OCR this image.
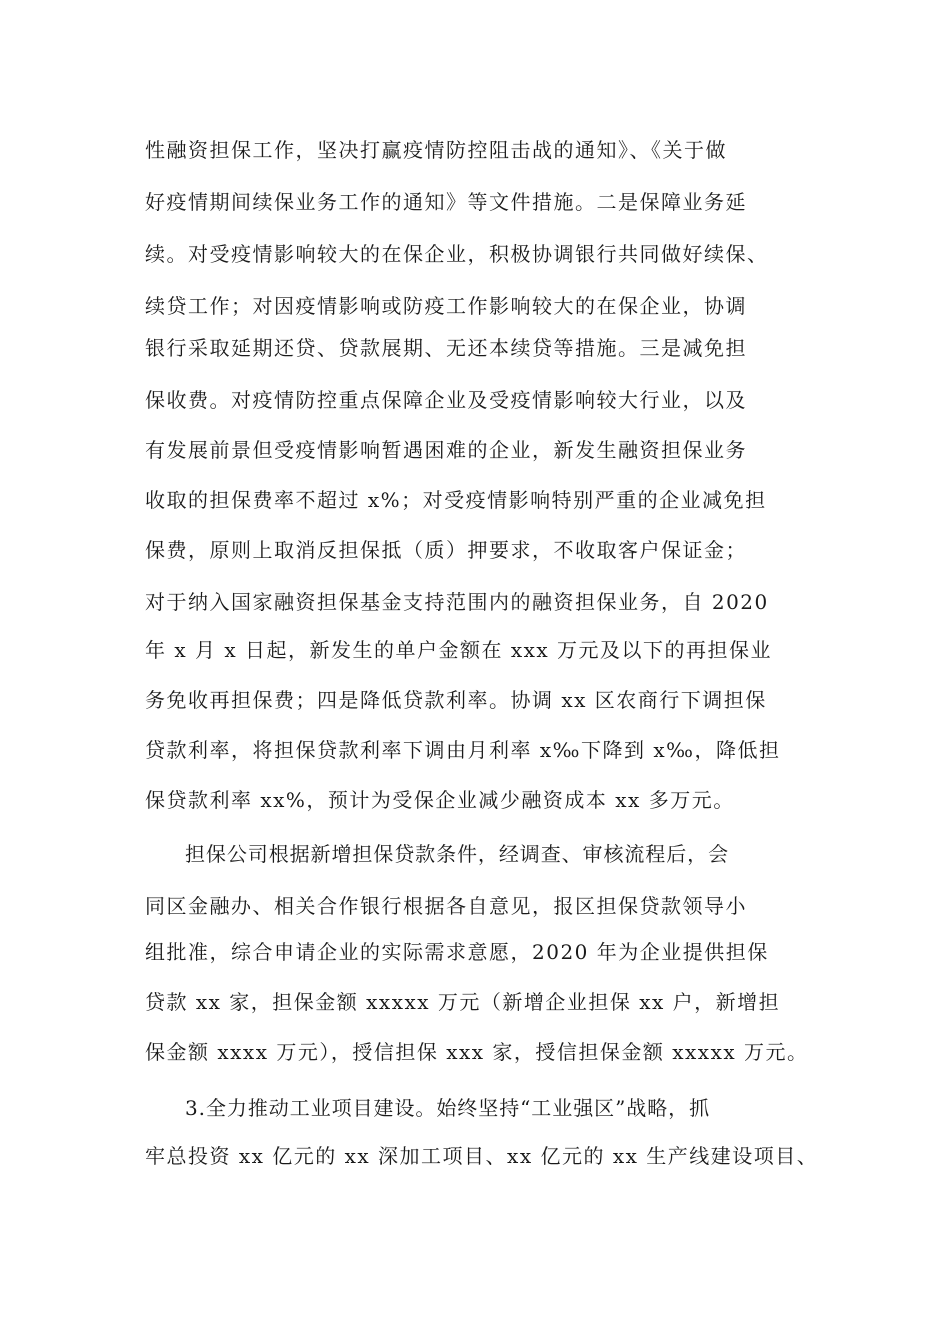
性融资担保工作，坚决打赢疫情防控阻击战的通知》、《关于做
好疫情期间续保业务工作的通知》等文件措施。二是保障业务延
续。对受疫情影响较大的在保企业，积极协调银行共同做好续保、
续贷工作；对因疫情影响或防疫工作影响较大的在保企业，协调
银行采取延期还贷、贷款展期、无还本续贷等措施。三是减免担
保收费。对疫情防控重点保障企业及受疫情影响较大行业，以及
有发展前景但受疫情影响暂遇困难的企业，新发生融资担保业务
收取的担保费率不超过 x%；对受疫情影响特别严重的企业减免担
保费，原则上取消反担保抵（质）押要求，不收取客户保证金；
对于纳入国家融资担保基金支持范围内的融资担保业务，自 2020
年 x 月 x 日起，新发生的单户金额在 xxx 万元及以下的再担保业
务免收再担保费；四是降低贷款利率。协调 xx 区农商行下调担保
贷款利率，将担保贷款利率下调由月利率 x‰下降到 x‰，降低担
保贷款利率 xx%，预计为受保企业减少融资成本 xx 多万元。
担保公司根据新增担保贷款条件，经调查、审核流程后，会
同区金融办、相关合作银行根据各自意见，报区担保贷款领导小
组批准，综合申请企业的实际需求意愿，2020 年为企业提供担保
贷款 xx 家，担保金额 xxxxx 万元（新增企业担保 xx 户，新增担
保金额 xxxx 万元），授信担保 xxx 家，授信担保金额 xxxxx 万元。
3.全力推动工业项目建设。始终坚持“工业强区”战略，抓
牢总投资 xx 亿元的 xx 深加工项目、xx 亿元的 xx 生产线建设项目、
